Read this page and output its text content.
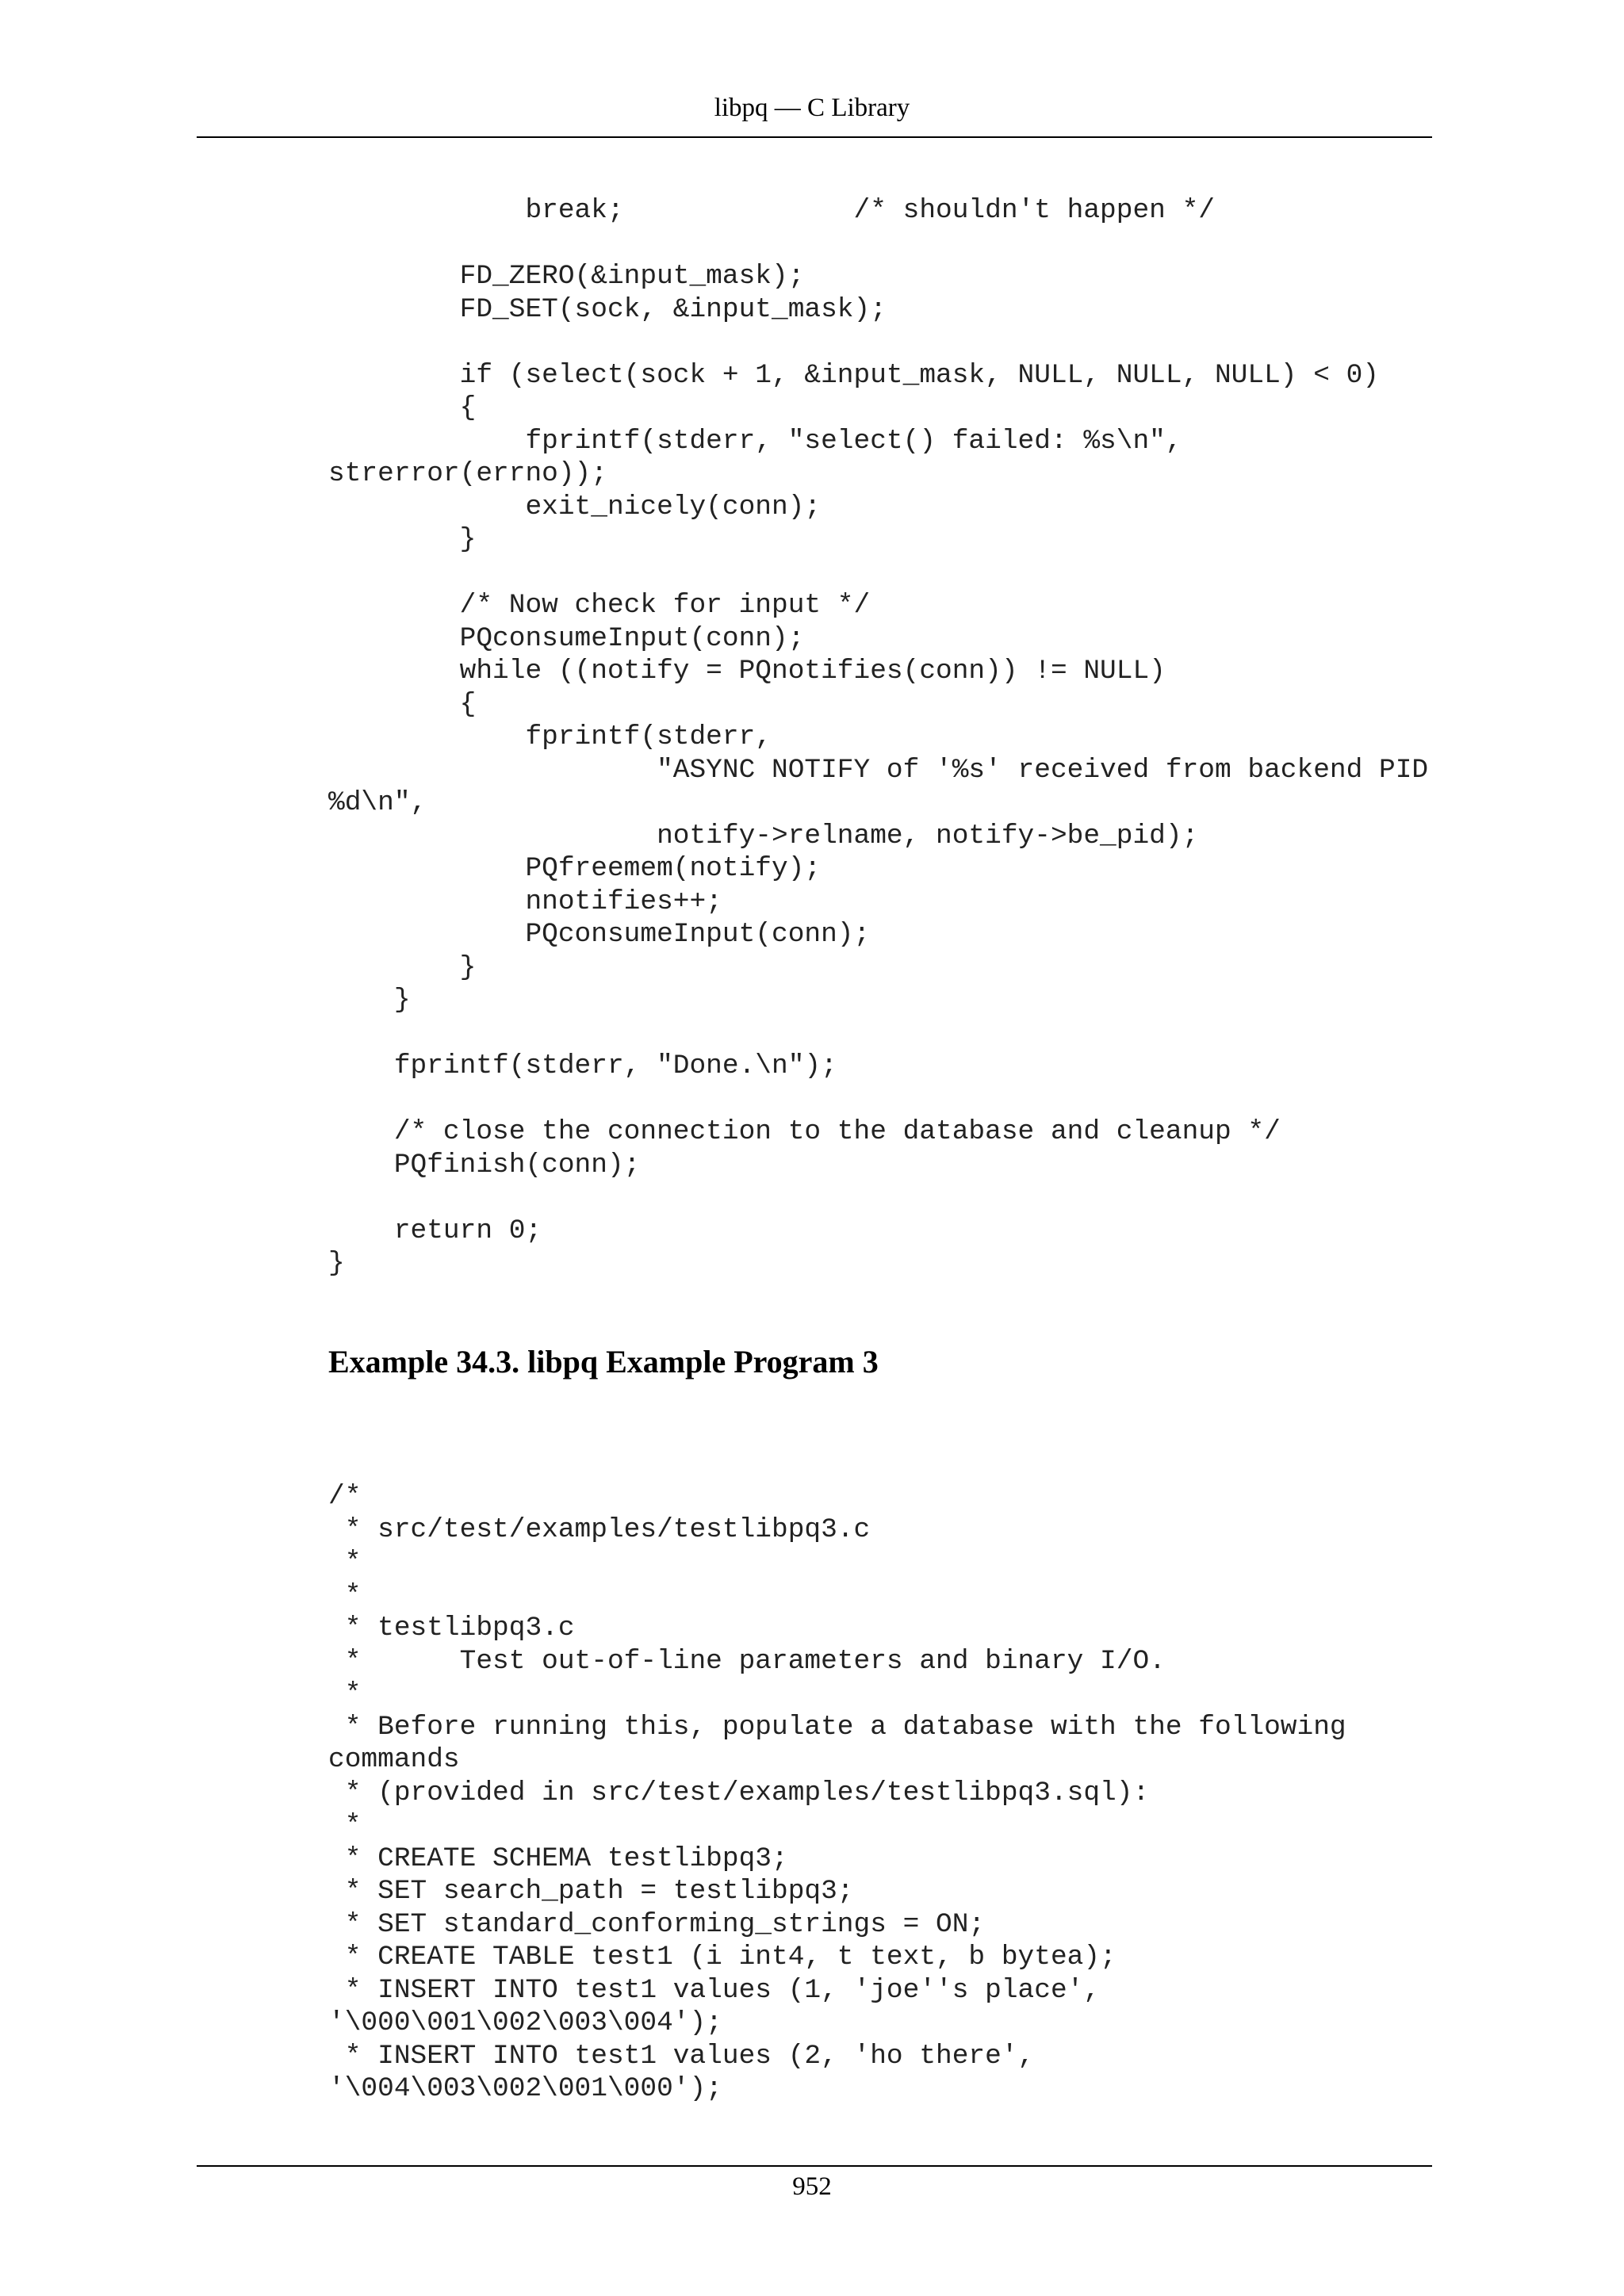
libpq — C Library
break;              /* shouldn't happen */
FD_ZERO(&input_mask);
FD_SET(sock, &input_mask);
if (select(sock + 1, &input_mask, NULL, NULL, NULL) < 0)
{
fprintf(stderr, "select() failed: %s\n",
strerror(errno));
exit_nicely(conn);
}
/* Now check for input */
PQconsumeInput(conn);
while ((notify = PQnotifies(conn)) != NULL)
{
fprintf(stderr,
"ASYNC NOTIFY of '%s' received from backend PID
%d\n",
notify->relname, notify->be_pid);
PQfreemem(notify);
nnotifies++;
PQconsumeInput(conn);
}
}
fprintf(stderr, "Done.\n");
/* close the connection to the database and cleanup */
PQfinish(conn);
return 0;
}
Example 34.3. libpq Example Program 3
/*
* src/test/examples/testlibpq3.c
*
*
* testlibpq3.c
*      Test out-of-line parameters and binary I/O.
*
* Before running this, populate a database with the following
commands
* (provided in src/test/examples/testlibpq3.sql):
*
* CREATE SCHEMA testlibpq3;
* SET search_path = testlibpq3;
* SET standard_conforming_strings = ON;
* CREATE TABLE test1 (i int4, t text, b bytea);
* INSERT INTO test1 values (1, 'joe''s place',
'\000\001\002\003\004');
* INSERT INTO test1 values (2, 'ho there',
'\004\003\002\001\000');
952
